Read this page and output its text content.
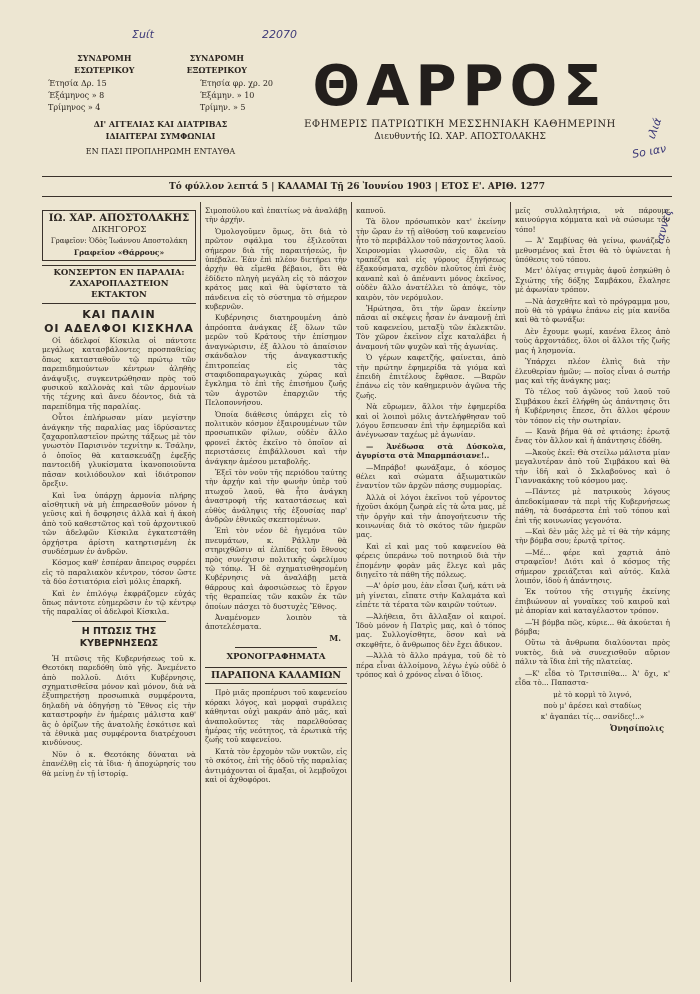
Σuίt	22070
ιλιά
Sο ιαν
ιαννες
ΣΥΝΔΡΟΜΗ ΕΣΩΤΕΡΙΚΟΥ
ΣΥΝΔΡΟΜΗ ΕΞΩΤΕΡΙΚΟΥ
Έτησία Δρ. 15
Έξάμηνος » 8
Τρίμηνος » 4
Έτησία φρ. χρ. 20
Έξάμην. » 10
Τρίμην. » 5
ΔΙ' ΑΓΓΕΛΙΑΣ ΚΑΙ ΔΙΑΤΡΙΒΑΣ
ΙΔΙΑΙΤΕΡΑΙ ΣΥΜΦΩΝΙΑΙ
ΕΝ ΠΑΣΙ ΠΡΟΠΛΗΡΩΜΗ ΕΝΤΑΥΘΑ
ΘΑΡΡΟΣ
ΕΦΗΜΕΡΙΣ ΠΑΤΡΙΩΤΙΚΗ ΜΕΣΣΗΝΙΑΚΗ ΚΑΘΗΜΕΡΙΝΗ
Διευθυντής ΙΩ. ΧΑΡ. ΑΠΟΣΤΟΛΑΚΗΣ
Τό φύλλον λεπτά 5 | ΚΑΛΑΜΑΙ Τῇ 26 Ἰουνίου 1903 | ΕΤΟΣ Ε'. ΑΡΙΘ. 1277
ΙΩ. ΧΑΡ. ΑΠΟΣΤΟΛΑΚΗΣ
ΔΙΚΗΓΟΡΟΣ
Γραφεῖον: Ὁδὸς Ἰωάννου Αποστολάκη
Γραφεῖον «Θάρρους»
ΚΟΝΣΕΡΤΟΝ ΕΝ ΠΑΡΑΛΙΑ:
ΖΑΧΑΡΟΠΛΑΣΤΕΙΟΝ ΕΚΤΑΚΤΟΝ
ΚΑΙ ΠΑΛΙΝ
ΟΙ ΑΔΕΛΦΟΙ ΚΙΣΚΗΛΑ

Οἱ ἀδελφοί Κίσκιλα οἱ πάντοτε μεγάλως κατασβάλοντες προσπαθείας ὅπως κατασταθοῦν τῷ πρώτῳ τῶν παρεπιδημούντων κέντρων ἀληθὴς ἀνάψυξις, συγκεντρώθησαν πρὸς τοῦ φυσικοῦ καλλονὰς καὶ τῶν ἀρμονίων τῆς τέχνης καὶ ἄνευ δέοντος, διὰ τὰ παρεπίδημα τῆς παραλίας.

Οὗτοι ἐπλήρωσαν μίαν μεγίστην ἀνάγκην τῆς παραλίας μας ἱδρύσαντες ζαχαροπλαστεῖον πρώτης τάξεως μὲ τὸν γνωστὸν Παρισινὸν τεχνίτην κ. Τσάλην, ὁ ὁποῖος θὰ κατασκευάζῃ ἐφεξῆς παντοειδῆ γλυκίσματα ἱκανοποιοῦντα πᾶσαν κοιλιόδουλον καὶ ἰδιότροπον ὄρεξιν.

Καὶ ἵνα ὑπάρχῃ ἁρμονία πλήρης αἰσθητικὴ νὰ μὴ ἐπηρεασθοῦν μόνον ἡ γεῦσις καὶ ἡ ὄσφρησις ἀλλὰ καὶ ἡ ἀκοὴ ἀπὸ τοῦ καθεστῶτος καὶ τοῦ ἀρχοντικοῦ τῶν ἀδελφῶν Κίσκιλα ἐγκατεστάθη ὀρχήστρα ἀρίστη κατηρτισμένη ἐκ συνδέσμων ἐν ἀνδρῶν.

Κόσμος καθ' ἑσπέραν ἄπειρος συρρέει εἰς τὸ παραλιακὸν κέντρον, τόσον ὥστε τὰ δύο ἐστιατόρια εἰσὶ μόλις ἐπαρκῆ.

Καὶ ἐν ἐπιλόγῳ ἐκφράζομεν εὐχάς ὅπως πάντοτε εὐημερῶσιν ἐν τῷ κέντρῳ τῆς παραλίας οἱ ἀδελφοὶ Κίσκιλα.

Η ΠΤΩΣΙΣ ΤΗΣ ΚΥΒΕΡΝΗΣΕΩΣ

Ἡ πτῶσις τῆς Κυβερνήσεως τοῦ κ. Θεοτόκη παρεδόθη ὑπὸ γῆς. Ἀνεμένετο ἀπὸ πολλοῦ. Διότι Κυβέρνησις, σχηματισθεῖσα μόνον καὶ μόνον, διὰ νὰ ἐξυπηρετήσῃ προσωπικὰ συμφέροντα, δηλαδὴ νὰ ὁδηγήσῃ τὸ Ἔθνος εἰς τὴν καταστροφὴν ἐν ἡμέραις μάλιστα καθ' ἃς ὁ ὁρίζων τῆς ἀνατολῆς ἐσκότισε καὶ τὰ ἐθνικὰ μας συμφέροντα διατρέχουσι κινδύνους.

Νῦν ὁ κ. Θεοτόκης δύναται νὰ ἐπανέλθῃ εἰς τὰ ἴδια· ἡ ἀποχώρησίς του θὰ μείνῃ ἐν τῇ ἱστορίᾳ.

Σιμοπούλου καὶ ἐπαιτίως νὰ ἀναλάβῃ τὴν ἀρχήν.

Ὁμολογοῦμεν ὅμως, ὅτι διὰ τὸ πρῶτον σφάλμα του ἐξιλεοῦται σήμερον διὰ τῆς παραιτήσεώς, ἣν ὑπέβαλε. Ἐὰν ἐπὶ πλέον διετήρει τὴν ἀρχὴν θὰ εἴμεθα βέβαιοι, ὅτι θὰ ἐδίδετο πληγὴ μεγάλη εἰς τὸ πάσχον κράτος μας καὶ θὰ ὑφίστατο τὰ πάνδεινα εἰς τὸ σύστημα τὸ σήμερον κυβερνῶν.

Κυβέρνησις διατηρουμένη ἀπὸ ἀπρόοπτα ἀνάγκας ἐξ ὅλων τῶν μερῶν τοῦ Κράτους τὴν ἐπίσημον ἀναγνώρισιν, ἐξ ἄλλου τὸ ἀπαίσιον σκάνδαλον τῆς ἀναγκαστικῆς ἐπιτροπείας εἰς τὰς σταφιδοπαραγωγικὰς χώρας καὶ ἔγκλημα τὸ ἐπὶ τῆς ἐπισήμου ζωῆς τῶν ἀγροτῶν ἐπαρχιῶν τῆς Πελοποννήσου.

Ὁποία διάθεσις ὑπάρχει εἰς τὸ πολιτικὸν κόσμον ἐξαιρουμένων τῶν προσωπικῶν φίλων, οὐδὲν ἄλλο φρονεῖ ἐκτὸς ἐκεῖνο τὸ ὁποῖον αἱ περιστάσεις ἐπιβάλλουσι καὶ τὴν ἀνάγκην ἀμέσου μεταβολῆς.

Ἐξεῖ τὸν νοῦν τῆς περιόδου ταύτης τὴν ἀρχήν καὶ τὴν φωνὴν ὑπὲρ τοῦ πτωχοῦ λαοῦ, θὰ ἦτο ἀνάγκη ἀναστροφὴ τῆς καταστάσεως καὶ εὐθὺς ἀνάληψις τῆς ἐξουσίας παρ' ἀνδρῶν ἐθνικῶς σκεπτομένων.

Ἐπὶ τὸν νέον δὲ ἡγεμόνα τῶν πνευμάτων, κ. Ράλλην θὰ στηριχθῶσιν αἱ ἐλπίδες τοῦ ἔθνους πρὸς συνέχισιν πολιτικῆς ὠφελίμου τῷ τόπῳ. Ἡ δὲ σχηματισθησομένη Κυβέρνησις νὰ ἀναλάβῃ μετὰ θάρρους καὶ ἀφοσιώσεως τὸ ἔργον τῆς θεραπείας τῶν κακῶν ἐκ τῶν ὁποίων πάσχει τὸ δυστυχὲς Ἔθνος.

Ἀναμένομεν λοιπὸν τὰ ἀποτελέσματα.

Μ.
ΧΡΟΝΟΓΡΑΦΗΜΑΤΑ
ΠΑΡΑΠΟΝΑ ΚΑΛΑΜΙΩΝ

Πρὸ μιᾶς προπέρυσι τοῦ καφενείου κόρακι λόγος, καὶ μορφαὶ συράλεις κάθηνται οὐχὶ μακράν ἀπὸ μᾶς, καὶ ἀναπολοῦντες τὰς παρελθούσας ἡμέρας τῆς νεότητος, τὰ ἐρωτικὰ τῆς ζωῆς τοῦ καφενείου.

Κατὰ τὸν ἐρχομὸν τῶν νυκτῶν, εἰς τὸ σκότος, ἐπὶ τῆς ὁδοῦ τῆς παραλίας ἀντιμάχονται οἱ ἄμαξαι, οἱ λεμβοῦχοι καὶ οἱ ἀχθοφόροι.

καπνοῦ.

Τὰ ὅλον πρόσωπικὸν κατ' ἐκείνην τὴν ὥραν ἐν τῇ αἰθούσῃ τοῦ καφενείου ἦτο τὸ περιβάλλον τοῦ πάσχοντος λαοῦ. Χειρονομίαι γλωσσῶν, εἰς ὅλα τὰ τραπέζια καὶ εἰς γύρους ἐξηγήσεως ἐξακούσματα, σχεδὸν πλοῦτος ἐπὶ ἐνὸς καναπὲ καὶ ὁ ἀπέναντι μόνος ἐκεῖνος, οὐδὲν ἄλλο ἀνατέλλει τὸ ἀπόψε, τὸν καιρὸν, τὸν νερόμυλον.

Ἠρώτησα, ὅτι τὴν ὥραν ἐκείνην πᾶσαι αἱ σκέψεις ἦσαν ἐν ἀναμονῇ ἐπὶ τοῦ καφενείου, μεταξὺ τῶν ἐκλεκτῶν. Τὸν χῶρον ἐκεῖνον εἶχε καταλάβει ἡ ἀναμονή τῶν ψυχῶν καὶ τῆς ἀγωνίας.

Ὁ γέρων καφετζής, φαίνεται, ἀπὸ τὴν πρώτην ἐφημερίδα τὰ γιόμα καὶ ἐπειδὴ ἐπιτέλους ἔφθασε. —Βαρῶν ἐπάνω εἰς τὸν καθημερινὸν ἀγῶνα τῆς ζωῆς.

Νὰ εὕρωμεν, ἄλλοι τὴν ἐφημερίδα καὶ οἱ λοιποὶ μόλις ἀντελήφθησαν τοῦ λόγου ἔσπευσαν ἐπὶ τὴν ἐφημερίδα καὶ ἀνέγνωσαν ταχέως μὲ ἀγωνίαν.

— Ἀνέδωσα στὰ Δύσκολα, ἀγυρίστα στὰ Μπαρμπάσιανε!..

—Μπράβο! φωνάξαμε, ὁ κόσμος θέλει καὶ σώματα ἀξιωματικῶν ἐναντίον τῶν ἀρχῶν πάσης συμμορίας.

Ἀλλὰ οἱ λόγοι ἐκεῖνοι τοῦ γέροντος ἠχοῦσι ἀκόμη ζωηρὰ εἰς τὰ ὦτα μας, μὲ τὴν ὀργὴν καὶ τὴν ἀπογοήτευσιν τῆς κοινωνίας διὰ τὸ σκότος τῶν ἡμερῶν μας.

Καὶ εἰ καὶ μας τοῦ καφενείου θὰ φέρεις ὑπεράνω τοῦ ποτηριοῦ διὰ τὴν ἐπομένην φορὰν μᾶς ἔλεγε καὶ μᾶς διηγεῖτο τὰ πάθη τῆς πόλεως.

—Α' ὀρίσ μου, ἐὰν εἶσαι ζωή, κάτι νὰ μὴ γίνεται, εἴπατε στὴν Καλαμάτα καὶ εἰπέτε τὰ τέρατα τῶν καιρῶν τούτων.

—Ἀλήθεια, ὅτι ἄλλαξαν οἱ καιροί. Ἰδοὺ μόνον ἡ Πατρὶς μας, καὶ ὁ τόπος μας. Συλλογίσθητε, ὅσον καὶ νὰ σκεφθῆτε, ὁ ἄνθρωπος δὲν ἔχει ἄδικον.

—Ἀλλὰ τὸ ἄλλο πράγμα, τοῦ δὲ τὸ πέρα εἶναι ἀλλοίμονο, λέγω ἐγὼ οὐδὲ ὁ τρόπος καὶ ὁ χρόνος εἶναι ὁ ἴδιος.

μεῖς συλλαλητήρια, νὰ πάρουμε καινούργια κόμματα καὶ νὰ σώσωμε τὸν τόπο!

— Ἀ' Σαμβίνας θὰ γείνω, φωνάζει ὁ μεθυσμένος καὶ ἔτσι θὰ τὸ ὑψώνεται ἡ ὑπόθεσις τοῦ τόπου.

Μετ' ὀλίγας στιγμὰς ἀφοῦ ἐσηκώθη ὁ Σχιώτης τῆς δόξης Σαμβάκου, ἔλαλησε μὲ ἀφωνίαν τρόπον.

—Νὰ ἀσχεθῆτε καὶ τὸ πρόγραμμα μου, ποὺ θὰ τὸ γράψω ἐπάνω εἰς μία κανίδα καὶ θὰ τὸ φωνάξω:

Δὲν ἔχουμε ψωμί, κανένα ἔλεος ἀπὸ τοὺς ἀρχοντάδες, ὅλοι οἱ ἄλλοι τῆς ζωῆς μας ἡ λησμονία.

Ὑπάρχει πλέον ἐλπὶς διὰ τὴν ἐλευθερίαν ἡμῶν; — ποῖος εἶναι ὁ σωτήρ μας καὶ τῆς ἀνάγκης μας;

Τὸ τέλος τοῦ ἀγῶνος τοῦ λαοῦ τοῦ Σιμβάκου ἐκεῖ ἐλήφθη ὡς ἀπάντησις ὅτι ἡ Κυβέρνησις ἔπεσε, ὅτι ἄλλοι φέρουν τὸν τόπον εἰς τὴν σωτηρίαν.

— Κανὰ βήμα θὰ σὲ φτιάσης: ἐρωτᾷ ἕνας τὸν ἄλλον καὶ ἡ ἀπάντησις ἐδόθη.

—Ἀκοὺς ἐκεῖ: Θὰ στείλω μάλιστα μίαν μεγαλυτέραν ἀπὸ τοῦ Σιμβάκου καὶ θὰ τὴν ἰδῆ καὶ ὁ Σκλαβούνος καὶ ὁ Γιαννακάκης τοῦ κόσμου μας.

—Πάντες μὲ πατρικοὺς λόγους ἀπεδοκίμασαν τὰ περὶ τῆς Κυβερνήσεως πάθη, τὰ δυσάρεστα ἐπὶ τοῦ τόπου καὶ ἐπὶ τῆς κοινωνίας γεγονότα.

—Καὶ δὲν μᾶς λὲς μὲ τί θὰ τὴν κάμης τὴν βόμβα σου; ἐρωτᾷ τρίτος.

—Μέ... φέρε καὶ χαρτιὰ ἀπὸ στραφεῖον! Διότι καὶ ὁ κόσμος τῆς σήμερον χρειάζεται καὶ αὐτός. Καλὰ λοιπόν, ἰδοὺ ἡ ἀπάντησις.

Ἐκ τούτου τῆς στιγμῆς ἐκείνης ἐπιβιώνουν αἱ γυναῖκες τοῦ καιροῦ καὶ μὲ ἀπορίαν καὶ καταγέλαστον τρόπον.

—Ἡ βόμβα πῶς, κύριε... θὰ ἀκούεται ἡ βόμβα;

Οὕτω τὰ ἄνθρωπα διαλύονται πρὸς νυκτὸς, διὰ νὰ συνεχισθοῦν αὔριον πάλιν τὰ ἴδια ἐπὶ τῆς πλατείας.

—Κ' εἶδα τὸ Τριτσιπίθα... Ἀ' ὄχι, κ' εἶδα τὸ... Παπαστα-

μὲ τὸ κορμὶ τὸ λιγνό,

ποὺ μ' ἀρέσει καὶ σταδίως

κ' ἀγαπάει τίς... σανίδες!..»

Ὀνησίπολις
